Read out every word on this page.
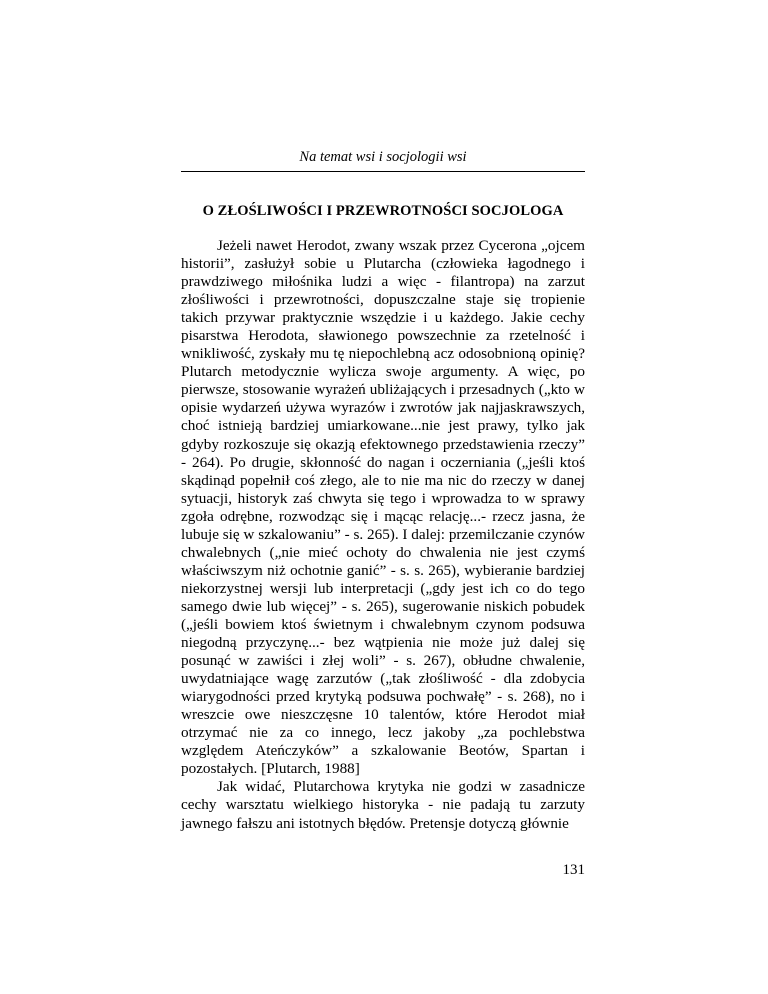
Na temat wsi i socjologii wsi
O ZŁOŚLIWOŚCI I PRZEWROTNOŚCI SOCJOLOGA

Jeżeli nawet Herodot, zwany wszak przez Cycerona „ojcem historii”, zasłużył sobie u Plutarcha (człowieka łagodnego i prawdziwego miłośnika ludzi a więc - filantropa) na zarzut złośliwości i przewrotności, dopuszczalne staje się tropienie takich przywar praktycznie wszędzie i u każdego. Jakie cechy pisarstwa Herodota, sławionego powszechnie za rzetelność i wnikliwość, zyskały mu tę niepochlebną acz odosobnioną opinię? Plutarch metodycznie wylicza swoje argumenty. A więc, po pierwsze, stosowanie wyrażeń ubliżających i przesadnych („kto w opisie wydarzeń używa wyrazów i zwrotów jak najjaskrawszych, choć istnieją bardziej umiarkowane...nie jest prawy, tylko jak gdyby rozkoszuje się okazją efektownego przedstawienia rzeczy” - 264). Po drugie, skłonność do nagan i oczerniania („jeśli ktoś skądinąd popełnił coś złego, ale to nie ma nic do rzeczy w danej sytuacji, historyk zaś chwyta się tego i wprowadza to w sprawy zgoła odrębne, rozwodząc się i mącąc relację...- rzecz jasna, że lubuje się w szkalowaniu” - s. 265). I dalej: przemilczanie czynów chwalebnych („nie mieć ochoty do chwalenia nie jest czymś właściwszym niż ochotnie ganić” - s. s. 265), wybieranie bardziej niekorzystnej wersji lub interpretacji („gdy jest ich co do tego samego dwie lub więcej” - s. 265), sugerowanie niskich pobudek („jeśli bowiem ktoś świetnym i chwalebnym czynom podsuwa niegodną przyczynę...- bez wątpienia nie może już dalej się posunąć w zawiści i złej woli” - s. 267), obłudne chwalenie, uwydatniające wagę zarzutów („tak złośliwość - dla zdobycia wiarygodności przed krytyką podsuwa pochwałę” - s. 268), no i wreszcie owe nieszczęsne 10 talentów, które Herodot miał otrzymać nie za co innego, lecz jakoby „za pochlebstwa względem Ateńczyków” a szkalowanie Beotów, Spartan i pozostałych. [Plutarch, 1988]

Jak widać, Plutarchowa krytyka nie godzi w zasadnicze cechy warsztatu wielkiego historyka - nie padają tu zarzuty jawnego fałszu ani istotnych błędów. Pretensje dotyczą głównie

131
